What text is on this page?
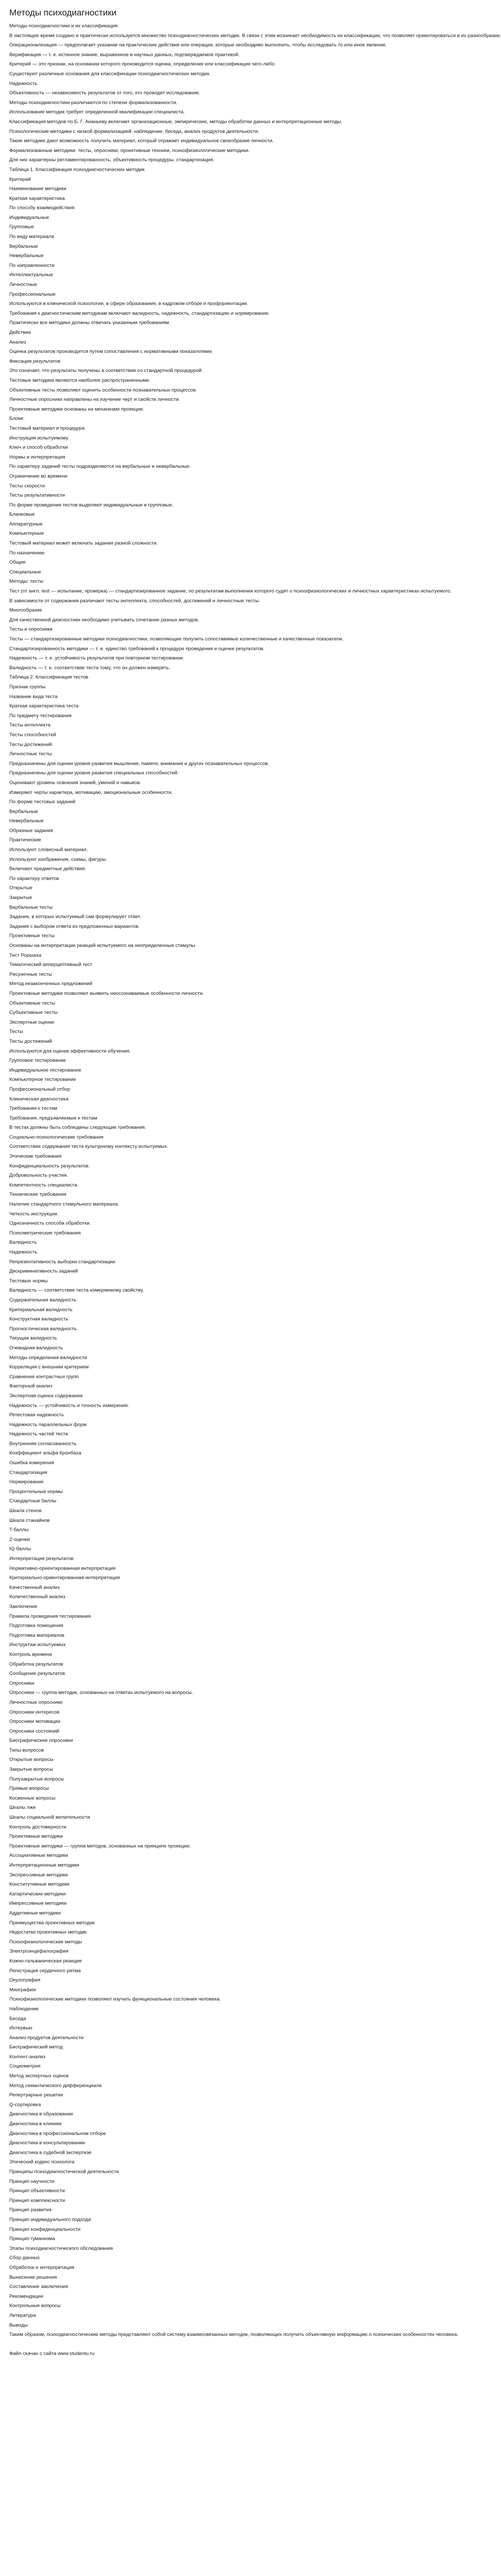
Методы психодиагностики
Методы психодиагностики и их классификация
В настоящее время создано и практически используется множество психодиагностических методик. В связи с этим возникает необходимость их классификации, что позволяет ориентироваться в их разнообразии.
Операционализация — предполагает указание на практические действия или операции, которые необходимо выполнить, чтобы исследовать то или иное явление.
Верификация — т. е. истинное знание, выраженное в научных данных, подтверждаемое практикой.
Критерий — это признак, на основании которого производится оценка, определение или классификация чего-либо.
Существуют различные основания для классификации психодиагностических методик.
Надежность
Объективность — независимость результатов от того, кто проводит исследование.
Методы психодиагностики различаются по степени формализованности.
Использование методик требует определенной квалификации специалиста.
Классификация методов по Б. Г. Ананьеву включает организационные, эмпирические, методы обработки данных и интерпретационные методы.
Психологические методики с низкой формализацией: наблюдение, беседа, анализ продуктов деятельности.
Такие методики дают возможность получить материал, который отражает индивидуальное своеобразие личности.
Формализованные методики: тесты, опросники, проективные техники, психофизиологические методики.
Для них характерны регламентированность, объективность процедуры, стандартизация.
Таблица 1. Классификация психодиагностических методик
Критерий
Наименование методики
Краткая характеристика
По способу взаимодействия
Индивидуальные
Групповые
По виду материала
Вербальные
Невербальные
По направленности
Интеллектуальные
Личностные
Профессиональные
Используются в клинической психологии, в сфере образования, в кадровом отборе и профориентации.
Требования к диагностическим методикам включают валидность, надежность, стандартизацию и нормирование.
Практически все методики должны отвечать указанным требованиям.
Действие
Анализ
Оценка результатов производится путем сопоставления с нормативными показателями.
Фиксация результатов
Это означает, что результаты получены в соответствии со стандартной процедурой.
Тестовые методики являются наиболее распространенными.
Объективные тесты позволяют оценить особенности познавательных процессов.
Личностные опросники направлены на изучение черт и свойств личности.
Проективные методики основаны на механизме проекции.
Блоки:
Тестовый материал и процедура
Инструкция испытуемому
Ключ и способ обработки
Нормы и интерпретация
По характеру заданий тесты подразделяются на вербальные и невербальные.
Ограничение во времени
Тесты скорости
Тесты результативности
По форме проведения тестов выделяют индивидуальные и групповые.
Бланковые
Аппаратурные
Компьютерные
Тестовый материал может включать задания разной сложности.
По назначению
Общие
Специальные
Методы: тесты
Тест (от англ. test — испытание, проверка) — стандартизированное задание, по результатам выполнения которого судят о психофизиологических и личностных характеристиках испытуемого.
В зависимости от содержания различают тесты интеллекта, способностей, достижений и личностные тесты.
Многообразие
Для качественной диагностики необходимо учитывать сочетание разных методов.
Тесты и опросники
Тесты — стандартизированные методики психодиагностики, позволяющие получить сопоставимые количественные и качественные показатели.
Стандартизированность методики — т. е. единство требований к процедуре проведения и оценке результатов.
Надежность — т. е. устойчивость результатов при повторном тестировании.
Валидность — т. е. соответствие теста тому, что он должен измерять.
Таблица 2. Классификация тестов
Признак группы
Название вида теста
Краткая характеристика теста
По предмету тестирования
Тесты интеллекта
Тесты способностей
Тесты достижений
Личностные тесты
Предназначены для оценки уровня развития мышления, памяти, внимания и других познавательных процессов.
Предназначены для оценки уровня развития специальных способностей.
Оценивают уровень освоения знаний, умений и навыков.
Измеряют черты характера, мотивацию, эмоциональные особенности.
По форме тестовых заданий
Вербальные
Невербальные
Образные задания
Практические
Используют словесный материал.
Используют изображения, схемы, фигуры.
Включают предметные действия.
По характеру ответов
Открытые
Закрытые
Вербальные тесты
Задания, в которых испытуемый сам формулирует ответ.
Задания с выбором ответа из предложенных вариантов.
Проективные тесты
Основаны на интерпретации реакций испытуемого на неопределенные стимулы.
Тест Роршаха
Тематический апперцептивный тест
Рисуночные тесты
Метод незаконченных предложений
Проективные методики позволяют выявить неосознаваемые особенности личности.
Объективные тесты
Субъективные тесты
Экспертные оценки
Тесты
Тесты достижений
Используются для оценки эффективности обучения.
Групповое тестирование
Индивидуальное тестирование
Компьютерное тестирование
Профессиональный отбор
Клиническая диагностика
Требования к тестам
Требования, предъявляемые к тестам
В тестах должны быть соблюдены следующие требования.
Социально-психологические требования
Соответствие содержания теста культурному контексту испытуемых.
Этические требования
Конфиденциальность результатов.
Добровольность участия.
Компетентность специалиста.
Технические требования
Наличие стандартного стимульного материала.
Четкость инструкции.
Однозначность способа обработки.
Психометрические требования
Валидность
Надежность
Репрезентативность выборки стандартизации
Дискриминативность заданий
Тестовые нормы
Валидность — соответствие теста измеряемому свойству.
Содержательная валидность
Критериальная валидность
Конструктная валидность
Прогностическая валидность
Текущая валидность
Очевидная валидность
Методы определения валидности
Корреляция с внешним критерием
Сравнение контрастных групп
Факторный анализ
Экспертная оценка содержания
Надежность — устойчивость и точность измерения.
Ретестовая надежность
Надежность параллельных форм
Надежность частей теста
Внутренняя согласованность
Коэффициент альфа Кронбаха
Ошибка измерения
Стандартизация
Нормирование
Процентильные нормы
Стандартные баллы
Шкала стенов
Шкала станайнов
T-баллы
Z-оценки
IQ-баллы
Интерпретация результатов
Нормативно-ориентированная интерпретация
Критериально-ориентированная интерпретация
Качественный анализ
Количественный анализ
Заключение
Правила проведения тестирования
Подготовка помещения
Подготовка материалов
Инструктаж испытуемых
Контроль времени
Обработка результатов
Сообщение результатов
Опросники
Опросники — группа методик, основанных на ответах испытуемого на вопросы.
Личностные опросники
Опросники интересов
Опросники мотивации
Опросники состояний
Биографические опросники
Типы вопросов
Открытые вопросы
Закрытые вопросы
Полузакрытые вопросы
Прямые вопросы
Косвенные вопросы
Шкалы лжи
Шкалы социальной желательности
Контроль достоверности
Проективные методики
Проективные методики — группа методов, основанных на принципе проекции.
Ассоциативные методики
Интерпретационные методики
Экспрессивные методики
Конститутивные методики
Катартические методики
Импрессивные методики
Аддитивные методики
Преимущества проективных методик
Недостатки проективных методик
Психофизиологические методы
Электроэнцефалография
Кожно-гальваническая реакция
Регистрация сердечного ритма
Окулография
Миография
Психофизиологические методики позволяют изучать функциональные состояния человека.
Наблюдение
Беседа
Интервью
Анализ продуктов деятельности
Биографический метод
Контент-анализ
Социометрия
Метод экспертных оценок
Метод семантического дифференциала
Репертуарные решетки
Q-сортировка
Диагностика в образовании
Диагностика в клинике
Диагностика в профессиональном отборе
Диагностика в консультировании
Диагностика в судебной экспертизе
Этический кодекс психолога
Принципы психодиагностической деятельности
Принцип научности
Принцип объективности
Принцип комплексности
Принцип развития
Принцип индивидуального подхода
Принцип конфиденциальности
Принцип гуманизма
Этапы психодиагностического обследования
Сбор данных
Обработка и интерпретация
Вынесение решения
Составление заключения
Рекомендации
Контрольные вопросы
Литература
Выводы
Таким образом, психодиагностические методы представляют собой систему взаимосвязанных методик, позволяющих получить объективную информацию о психических особенностях человека.
Файл скачан с сайта www.studentu.ru
